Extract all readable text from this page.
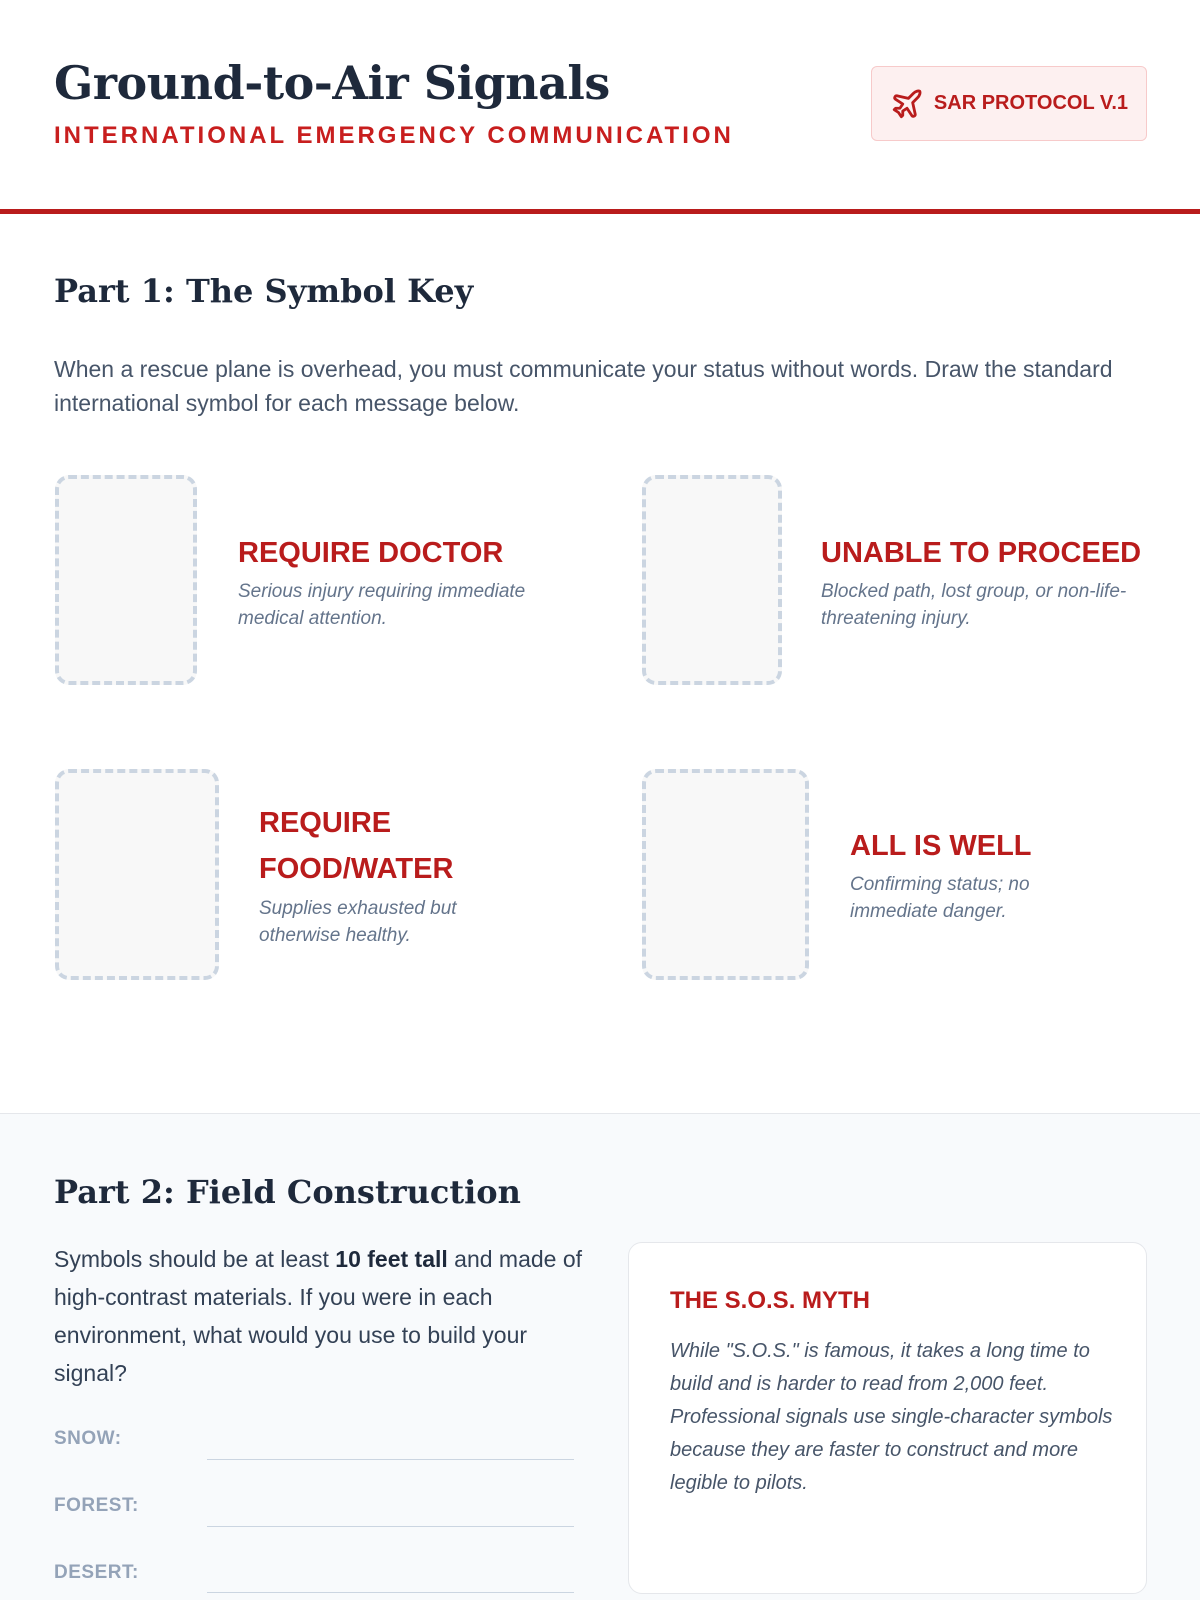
Ground-to-Air Signals
INTERNATIONAL EMERGENCY COMMUNICATION
SAR PROTOCOL V.1
Part 1: The Symbol Key
When a rescue plane is overhead, you must communicate your status without words. Draw the standard international symbol for each message below.
REQUIRE DOCTOR
Serious injury requiring immediate medical attention.
UNABLE TO PROCEED
Blocked path, lost group, or non-life-threatening injury.
REQUIRE FOOD/WATER
Supplies exhausted but otherwise healthy.
ALL IS WELL
Confirming status; no immediate danger.
Part 2: Field Construction
Symbols should be at least 10 feet tall and made of high-contrast materials. If you were in each environment, what would you use to build your signal?
SNOW:
FOREST:
DESERT:
THE S.O.S. MYTH
While "S.O.S." is famous, it takes a long time to build and is harder to read from 2,000 feet. Professional signals use single-character symbols because they are faster to construct and more legible to pilots.
